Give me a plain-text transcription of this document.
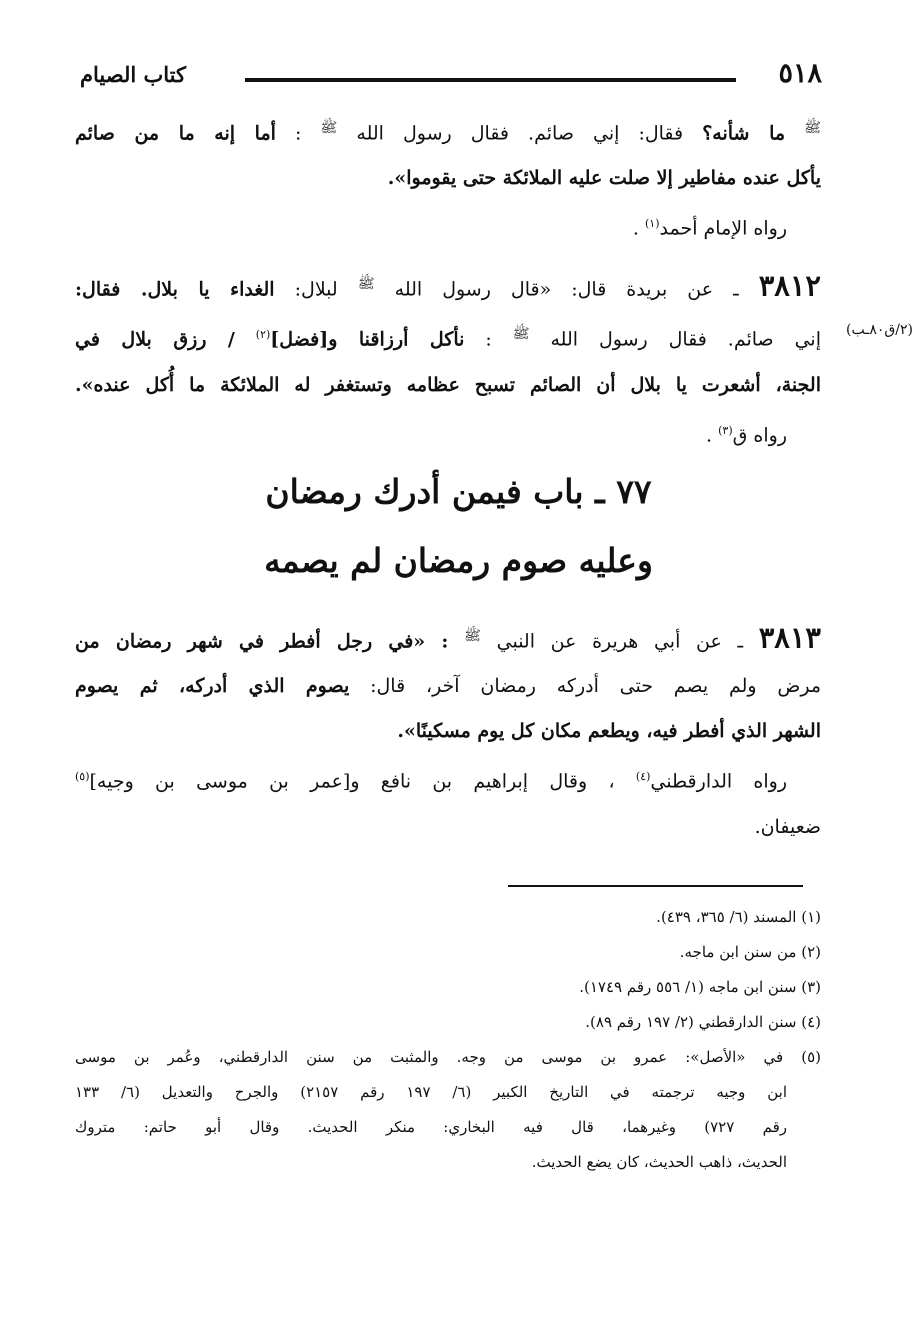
٥١٨
كتاب الصيام
$^ﷺ$ ما شأنه؟ فقال: إني صائم. فقال رسول الله $^ﷺ$ : أما إنه ما من صائم
يأكل عنده مفاطير إلا صلت عليه الملائكة حتى يقوموا».
رواه الإمام أحمد$^{(١)}$ .
٣٨١٢ ـ عن بريدة قال: «قال رسول الله $^ﷺ$ لبلال: الغداء يا بلال. فقال:
إني صائم. فقال رسول الله $^ﷺ$ : نأكل أرزاقنا و[فضل]$^{(٢)}$ / رزق بلال في
الجنة، أشعرت يا بلال أن الصائم تسبح عظامه وتستغفر له الملائكة ما أُكل عنده».
رواه ق$^{(٣)}$ .
(٢/ق٨٠ـب)
٧٧ ـ باب فيمن أدرك رمضان
وعليه صوم رمضان لم يصمه
٣٨١٣ ـ عن أبي هريرة عن النبي $^ﷺ$ : «في رجل أفطر في شهر رمضان من
مرض ولم يصم حتى أدركه رمضان آخر، قال: يصوم الذي أدركه، ثم يصوم
الشهر الذي أفطر فيه، ويطعم مكان كل يوم مسكينًا».
رواه الدارقطني$^{(٤)}$ ، وقال إبراهيم بن نافع و[عمر بن موسى بن وجيه]$^{(٥)}$
ضعيفان.
(١) المسند (٦/ ٣٦٥، ٤٣٩).
(٢) من سنن ابن ماجه.
(٣) سنن ابن ماجه (١/ ٥٥٦ رقم ١٧٤٩).
(٤) سنن الدارقطني (٢/ ١٩٧ رقم ٨٩).
(٥) في «الأصل»: عمرو بن موسى من وجه. والمثبت من سنن الدارقطني، وعُمر بن موسى
ابن وجيه ترجمته في التاريخ الكبير (٦/ ١٩٧ رقم ٢١٥٧) والجرح والتعديل (٦/ ١٣٣
رقم ٧٢٧) وغيرهما، قال فيه البخاري: منكر الحديث. وقال أبو حاتم: متروك
الحديث، ذاهب الحديث، كان يضع الحديث.
